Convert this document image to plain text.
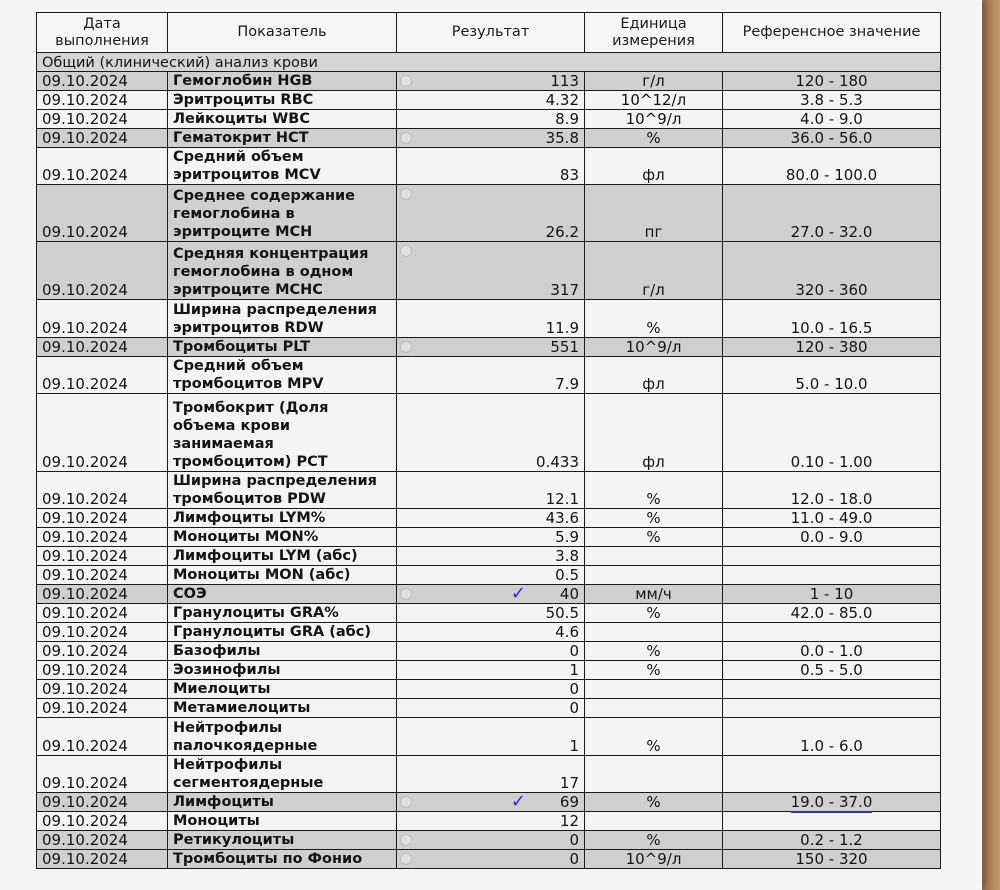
Дата выполнения	Показатель	Результат	Единица измерения	Референсное значение
Общий (клинический) анализ крови				
09.10.2024	Гемоглобин HGB	113	г/л	120 - 180
09.10.2024	Эритроциты RBC	4.32	10^12/л	3.8 - 5.3
09.10.2024	Лейкоциты WBC	8.9	10^9/л	4.0 - 9.0
09.10.2024	Гематокрит HCT	35.8	%	36.0 - 56.0
09.10.2024	Средний объем эритроцитов MCV	83	фл	80.0 - 100.0
09.10.2024	Среднее содержание гемоглобина в эритроците MCH	26.2	пг	27.0 - 32.0
09.10.2024	Средняя концентрация гемоглобина в одном эритроците MCHC	317	г/л	320 - 360
09.10.2024	Ширина распределения эритроцитов RDW	11.9	%	10.0 - 16.5
09.10.2024	Тромбоциты PLT	551	10^9/л	120 - 380
09.10.2024	Средний объем тромбоцитов MPV	7.9	фл	5.0 - 10.0
09.10.2024	Тромбокрит (Доля объема крови занимаемая тромбоцитом) PCT	0.433	фл	0.10 - 1.00
09.10.2024	Ширина распределения тромбоцитов PDW	12.1	%	12.0 - 18.0
09.10.2024	Лимфоциты LYM%	43.6	%	11.0 - 49.0
09.10.2024	Моноциты MON%	5.9	%	0.0 - 9.0
09.10.2024	Лимфоциты LYM (абс)	3.8		
09.10.2024	Моноциты MON (абс)	0.5		
09.10.2024	СОЭ	✓ 40	мм/ч	1 - 10
09.10.2024	Гранулоциты GRA%	50.5	%	42.0 - 85.0
09.10.2024	Гранулоциты GRA (абс)	4.6		
09.10.2024	Базофилы	0	%	0.0 - 1.0
09.10.2024	Эозинофилы	1	%	0.5 - 5.0
09.10.2024	Миелоциты	0		
09.10.2024	Метамиелоциты	0		
09.10.2024	Нейтрофилы палочкоядерные	1	%	1.0 - 6.0
09.10.2024	Нейтрофилы сегментоядерные	17		
09.10.2024	Лимфоциты	✓ 69	%	19.0 - 37.0
09.10.2024	Моноциты	12		
09.10.2024	Ретикулоциты	0	%	0.2 - 1.2
09.10.2024	Тромбоциты по Фонио	0	10^9/л	150 - 320
